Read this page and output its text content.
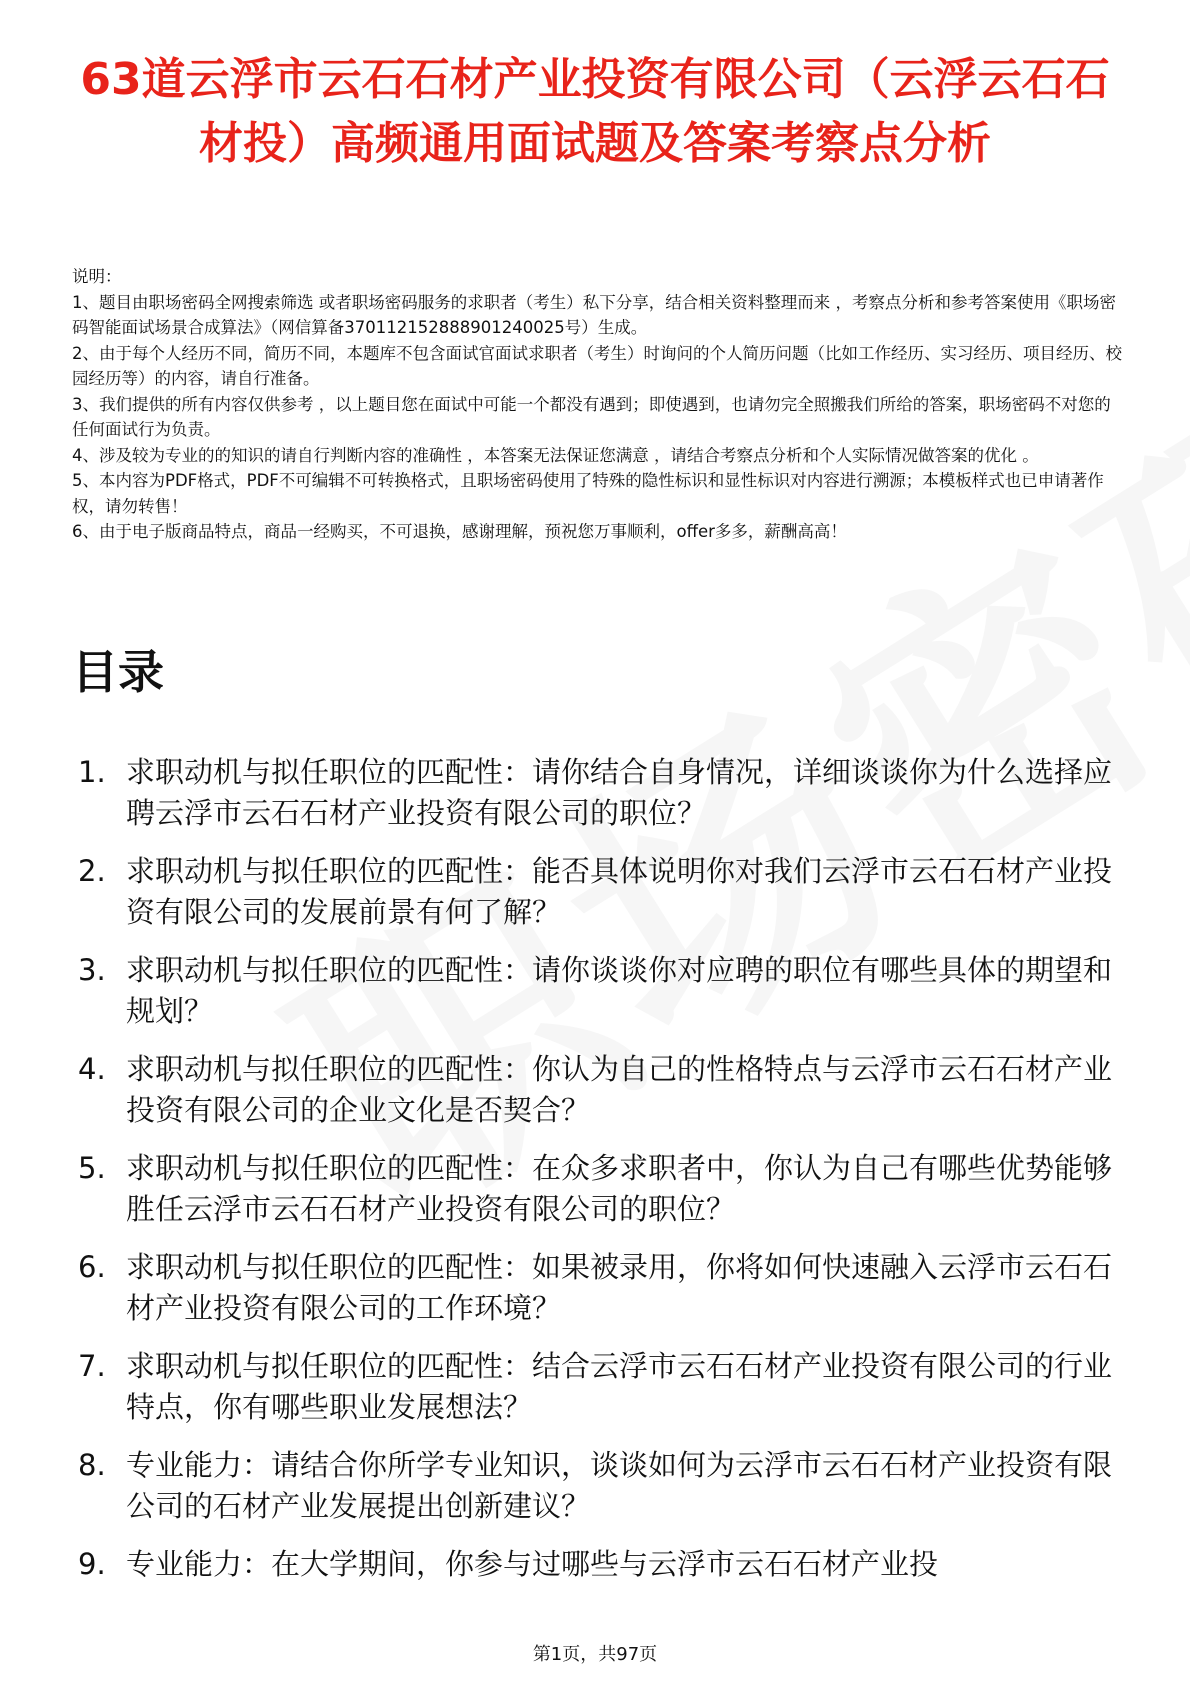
63道云浮市云石石材产业投资有限公司（云浮云石石材投）高频通用面试题及答案考察点分析

说明：

1、题目由职场密码全网搜索筛选 或者职场密码服务的求职者（考生）私下分享，结合相关资料整理而来 ，考察点分析和参考答案使用《职场密码智能面试场景合成算法》（网信算备370112152888901240025号）生成。

2、由于每个人经历不同，简历不同，本题库不包含面试官面试求职者（考生）时询问的个人简历问题（比如工作经历、实习经历、项目经历、校园经历等）的内容，请自行准备。

3、我们提供的所有内容仅供参考 ，以上题目您在面试中可能一个都没有遇到；即使遇到，也请勿完全照搬我们所给的答案，职场密码不对您的任何面试行为负责。

4、涉及较为专业的的知识的请自行判断内容的准确性 ，本答案无法保证您满意 ，请结合考察点分析和个人实际情况做答案的优化 。

5、本内容为PDF格式，PDF不可编辑不可转换格式，且职场密码使用了特殊的隐性标识和显性标识对内容进行溯源；本模板样式也已申请著作权，请勿转售！

6、由于电子版商品特点，商品一经购买，不可退换，感谢理解，预祝您万事顺利，offer多多，薪酬高高！

目录
1. 求职动机与拟任职位的匹配性：请你结合自身情况，详细谈谈你为什么选择应聘云浮市云石石材产业投资有限公司的职位？
2. 求职动机与拟任职位的匹配性：能否具体说明你对我们云浮市云石石材产业投资有限公司的发展前景有何了解？
3. 求职动机与拟任职位的匹配性：请你谈谈你对应聘的职位有哪些具体的期望和规划？
4. 求职动机与拟任职位的匹配性：你认为自己的性格特点与云浮市云石石材产业投资有限公司的企业文化是否契合？
5. 求职动机与拟任职位的匹配性：在众多求职者中，你认为自己有哪些优势能够胜任云浮市云石石材产业投资有限公司的职位？
6. 求职动机与拟任职位的匹配性：如果被录用，你将如何快速融入云浮市云石石材产业投资有限公司的工作环境？
7. 求职动机与拟任职位的匹配性：结合云浮市云石石材产业投资有限公司的行业特点，你有哪些职业发展想法？
8. 专业能力：请结合你所学专业知识，谈谈如何为云浮市云石石材产业投资有限公司的石材产业发展提出创新建议？
9. 专业能力：在大学期间，你参与过哪些与云浮市云石石材产业投
第1页，共97页
